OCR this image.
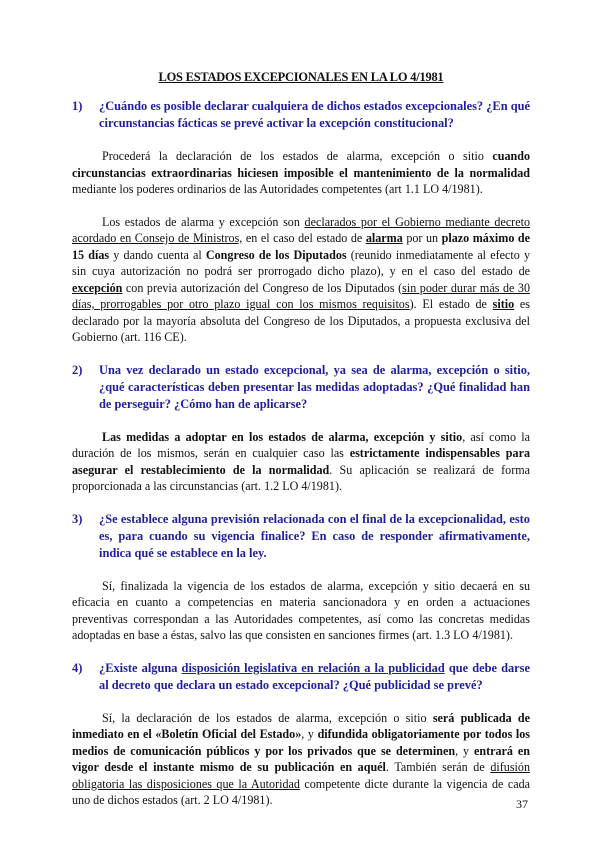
LOS ESTADOS EXCEPCIONALES EN LA LO 4/1981
1)	¿Cuándo es posible declarar cualquiera de dichos estados excepcionales? ¿En qué circunstancias fácticas se prevé activar la excepción constitucional?
Procederá la declaración de los estados de alarma, excepción o sitio cuando circunstancias extraordinarias hiciesen imposible el mantenimiento de la normalidad mediante los poderes ordinarios de las Autoridades competentes (art 1.1 LO 4/1981).
Los estados de alarma y excepción son declarados por el Gobierno mediante decreto acordado en Consejo de Ministros, en el caso del estado de alarma por un plazo máximo de 15 días y dando cuenta al Congreso de los Diputados (reunido inmediatamente al efecto y sin cuya autorización no podrá ser prorrogado dicho plazo), y en el caso del estado de excepción con previa autorización del Congreso de los Diputados (sin poder durar más de 30 días, prorrogables por otro plazo igual con los mismos requisitos). El estado de sitio es declarado por la mayoría absoluta del Congreso de los Diputados, a propuesta exclusiva del Gobierno (art. 116 CE).
2)	Una vez declarado un estado excepcional, ya sea de alarma, excepción o sitio, ¿qué características deben presentar las medidas adoptadas? ¿Qué finalidad han de perseguir? ¿Cómo han de aplicarse?
Las medidas a adoptar en los estados de alarma, excepción y sitio, así como la duración de los mismos, serán en cualquier caso las estrictamente indispensables para asegurar el restablecimiento de la normalidad. Su aplicación se realizará de forma proporcionada a las circunstancias (art. 1.2 LO 4/1981).
3)	¿Se establece alguna previsión relacionada con el final de la excepcionalidad, esto es, para cuando su vigencia finalice? En caso de responder afirmativamente, indica qué se establece en la ley.
Sí, finalizada la vigencia de los estados de alarma, excepción y sitio decaerá en su eficacia en cuanto a competencias en materia sancionadora y en orden a actuaciones preventivas correspondan a las Autoridades competentes, así como las concretas medidas adoptadas en base a éstas, salvo las que consisten en sanciones firmes (art. 1.3 LO 4/1981).
4)	¿Existe alguna disposición legislativa en relación a la publicidad que debe darse al decreto que declara un estado excepcional? ¿Qué publicidad se prevé?
Sí, la declaración de los estados de alarma, excepción o sitio será publicada de inmediato en el «Boletín Oficial del Estado», y difundida obligatoriamente por todos los medios de comunicación públicos y por los privados que se determinen, y entrará en vigor desde el instante mismo de su publicación en aquél. También serán de difusión obligatoria las disposiciones que la Autoridad competente dicte durante la vigencia de cada uno de dichos estados (art. 2 LO 4/1981).	37
